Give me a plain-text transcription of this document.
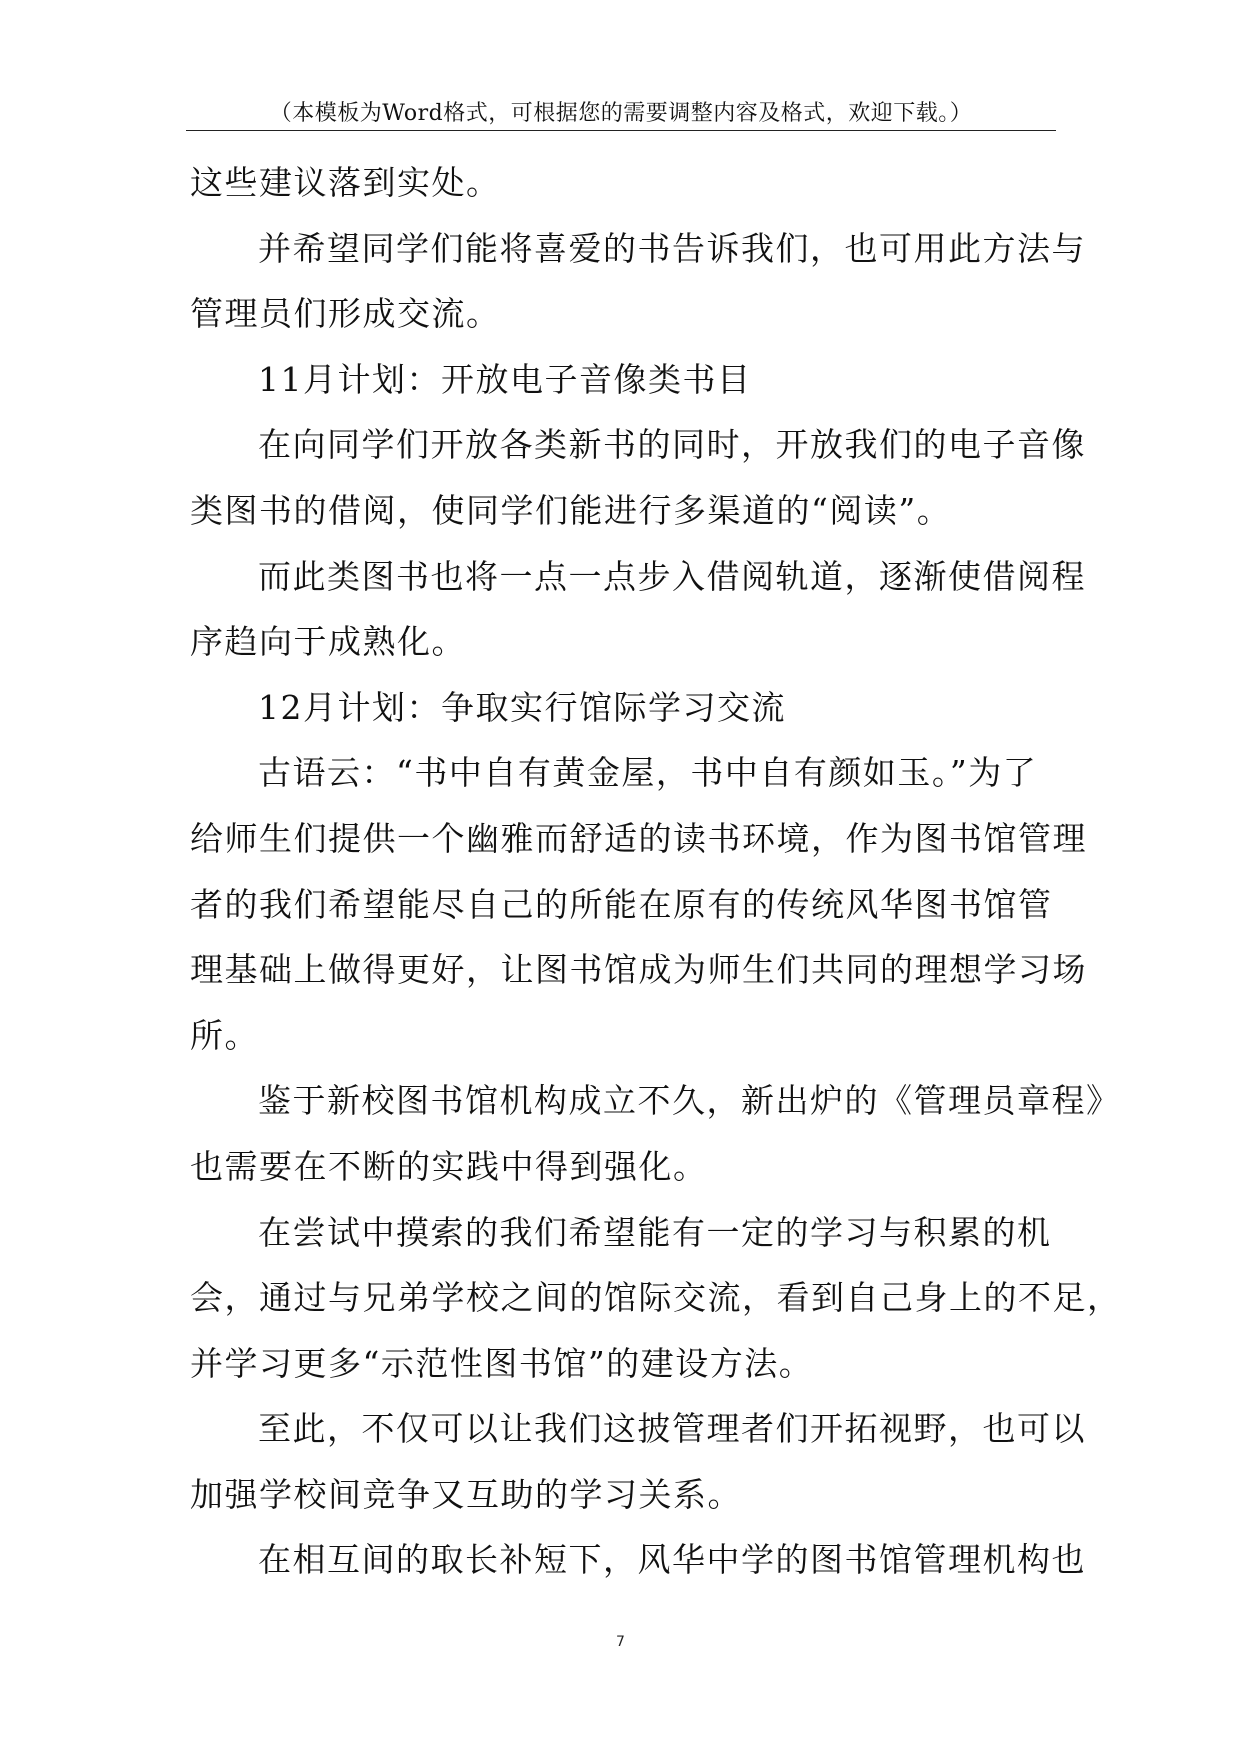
（本模板为Word格式，可根据您的需要调整内容及格式，欢迎下载。）
这些建议落到实处。
并希望同学们能将喜爱的书告诉我们，也可用此方法与
管理员们形成交流。
11月计划：开放电子音像类书目
在向同学们开放各类新书的同时，开放我们的电子音像
类图书的借阅，使同学们能进行多渠道的“阅读”。
而此类图书也将一点一点步入借阅轨道，逐渐使借阅程
序趋向于成熟化。
12月计划：争取实行馆际学习交流
古语云：“书中自有黄金屋，书中自有颜如玉。”为了
给师生们提供一个幽雅而舒适的读书环境，作为图书馆管理
者的我们希望能尽自己的所能在原有的传统风华图书馆管
理基础上做得更好，让图书馆成为师生们共同的理想学习场
所。
鉴于新校图书馆机构成立不久，新出炉的《管理员章程》
也需要在不断的实践中得到强化。
在尝试中摸索的我们希望能有一定的学习与积累的机
会，通过与兄弟学校之间的馆际交流，看到自己身上的不足，
并学习更多“示范性图书馆”的建设方法。
至此，不仅可以让我们这披管理者们开拓视野，也可以
加强学校间竞争又互助的学习关系。
在相互间的取长补短下，风华中学的图书馆管理机构也
7
